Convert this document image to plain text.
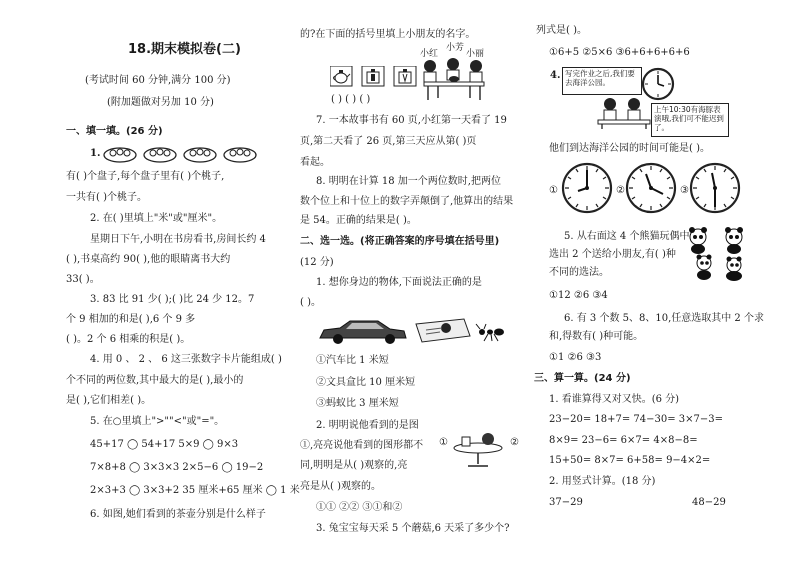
18.期末模拟卷(二)
(考试时间 60 分钟,满分 100 分)
(附加题做对另加 10 分)
一、填一填。(26 分)
1.
有( )个盘子,每个盘子里有( )个桃子,
一共有( )个桃子。
2. 在( )里填上"米"或"厘米"。
星期日下午,小明在书房看书,房间长约 4
( ),书桌高约 90( ),他的眼睛离书大约
33( )。
3. 83 比 91 少( );( )比 24 少 12。7
个 9 相加的和是( ),6 个 9 多
( )。2 个 6 相乘的积是( )。
4. 用 0 、 2 、 6 这三张数字卡片能组成( )
个不同的两位数,其中最大的是( ),最小的
是( ),它们相差( )。
5. 在○里填上">""<"或"="。
45+17 ◯ 54+17 5×9 ◯ 9×3
7×8+8 ◯ 3×3×3 2×5−6 ◯ 19−2
2×3+3 ◯ 3×3+2 35 厘米+65 厘米 ◯ 1 米
6. 如图,她们看到的茶壶分别是什么样子
的?在下面的括号里填上小朋友的名字。
( ) ( ) ( )
小红
小芳
小丽
7. 一本故事书有 60 页,小红第一天看了 19
页,第二天看了 26 页,第三天应从第( )页
看起。
8. 明明在计算 18 加一个两位数时,把两位
数个位上和十位上的数字弄颠倒了,他算出的结果
是 54。正确的结果是( )。
二、选一选。(将正确答案的序号填在括号里)
(12 分)
1. 想你身边的物体,下面说法正确的是
( )。
①汽车比 1 米短
②文具盒比 10 厘米短
③蚂蚁比 3 厘米短
2. 明明说他看到的是图
①,亮亮说他看到的图形都不
同,明明是从( )观察的,亮
亮是从( )观察的。
①	②
①① ②② ③①和②
3. 兔宝宝每天采 5 个蘑菇,6 天采了多少个?
列式是( )。
①6+5 ②5×6 ③6+6+6+6+6
4. 写完作业之后,我们要去海洋公园。
上午10:30有海豚表演哦,我们可不能迟到了。
他们到达海洋公园的时间可能是( )。
①	②	③
5. 从右面这 4 个熊猫玩偶中
选出 2 个送给小朋友,有( )种
不同的选法。
①12 ②6 ③4
6. 有 3 个数 5、8、10,任意选取其中 2 个求
和,得数有( )种可能。
①1 ②6 ③3
三、算一算。(24 分)
1. 看谁算得又对又快。(6 分)
23−20= 18+7= 74−30= 3×7−3=
8×9= 23−6= 6×7= 4×8−8=
15+50= 8×7= 6+58= 9−4×2=
2. 用竖式计算。(18 分)
37−29	48−29
